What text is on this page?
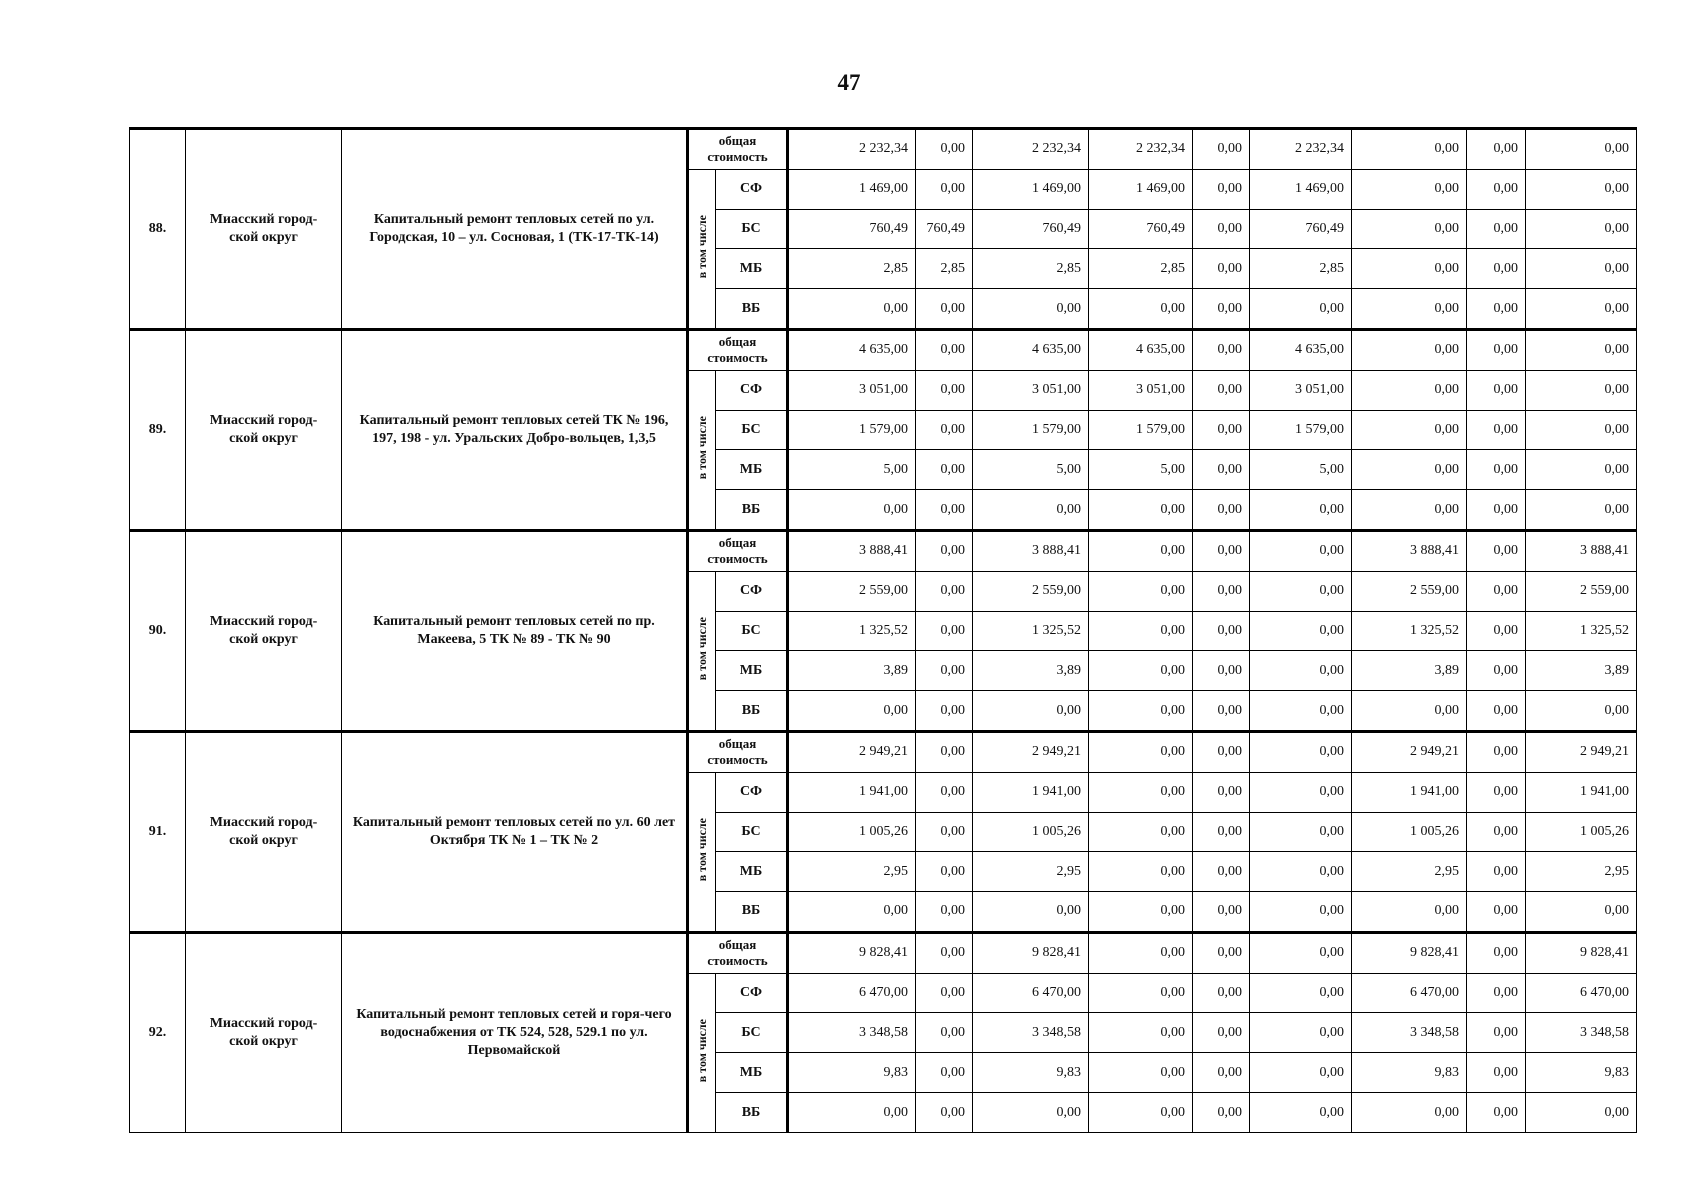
47
88.	Миасский город-ской округ	Капитальный ремонт тепловых сетей по ул. Городская, 10 – ул. Сосновая, 1 (ТК-17-ТК-14)	общая стоимость		2 232,34	0,00	2 232,34	2 232,34	0,00	2 232,34	0,00	0,00	0,00
			в том числе	СФ	1 469,00	0,00	1 469,00	1 469,00	0,00	1 469,00	0,00	0,00	0,00
				БС	760,49	760,49	760,49	760,49	0,00	760,49	0,00	0,00	0,00
				МБ	2,85	2,85	2,85	2,85	0,00	2,85	0,00	0,00	0,00
				ВБ	0,00	0,00	0,00	0,00	0,00	0,00	0,00	0,00	0,00
89.	Миасский город-ской округ	Капитальный ремонт тепловых сетей ТК № 196, 197, 198 - ул. Уральских Добро-вольцев, 1,3,5	общая стоимость		4 635,00	0,00	4 635,00	4 635,00	0,00	4 635,00	0,00	0,00	0,00
			в том числе	СФ	3 051,00	0,00	3 051,00	3 051,00	0,00	3 051,00	0,00	0,00	0,00
				БС	1 579,00	0,00	1 579,00	1 579,00	0,00	1 579,00	0,00	0,00	0,00
				МБ	5,00	0,00	5,00	5,00	0,00	5,00	0,00	0,00	0,00
				ВБ	0,00	0,00	0,00	0,00	0,00	0,00	0,00	0,00	0,00
90.	Миасский город-ской округ	Капитальный ремонт тепловых сетей по пр. Макеева, 5 ТК № 89 - ТК № 90	общая стоимость		3 888,41	0,00	3 888,41	0,00	0,00	0,00	3 888,41	0,00	3 888,41
			в том числе	СФ	2 559,00	0,00	2 559,00	0,00	0,00	0,00	2 559,00	0,00	2 559,00
				БС	1 325,52	0,00	1 325,52	0,00	0,00	0,00	1 325,52	0,00	1 325,52
				МБ	3,89	0,00	3,89	0,00	0,00	0,00	3,89	0,00	3,89
				ВБ	0,00	0,00	0,00	0,00	0,00	0,00	0,00	0,00	0,00
91.	Миасский город-ской округ	Капитальный ремонт тепловых сетей по ул. 60 лет Октября ТК № 1 – ТК № 2	общая стоимость		2 949,21	0,00	2 949,21	0,00	0,00	0,00	2 949,21	0,00	2 949,21
			в том числе	СФ	1 941,00	0,00	1 941,00	0,00	0,00	0,00	1 941,00	0,00	1 941,00
				БС	1 005,26	0,00	1 005,26	0,00	0,00	0,00	1 005,26	0,00	1 005,26
				МБ	2,95	0,00	2,95	0,00	0,00	0,00	2,95	0,00	2,95
				ВБ	0,00	0,00	0,00	0,00	0,00	0,00	0,00	0,00	0,00
92.	Миасский город-ской округ	Капитальный ремонт тепловых сетей и горя-чего водоснабжения от ТК 524, 528, 529.1 по ул. Первомайской	общая стоимость		9 828,41	0,00	9 828,41	0,00	0,00	0,00	9 828,41	0,00	9 828,41
			в том числе	СФ	6 470,00	0,00	6 470,00	0,00	0,00	0,00	6 470,00	0,00	6 470,00
				БС	3 348,58	0,00	3 348,58	0,00	0,00	0,00	3 348,58	0,00	3 348,58
				МБ	9,83	0,00	9,83	0,00	0,00	0,00	9,83	0,00	9,83
				ВБ	0,00	0,00	0,00	0,00	0,00	0,00	0,00	0,00	0,00
